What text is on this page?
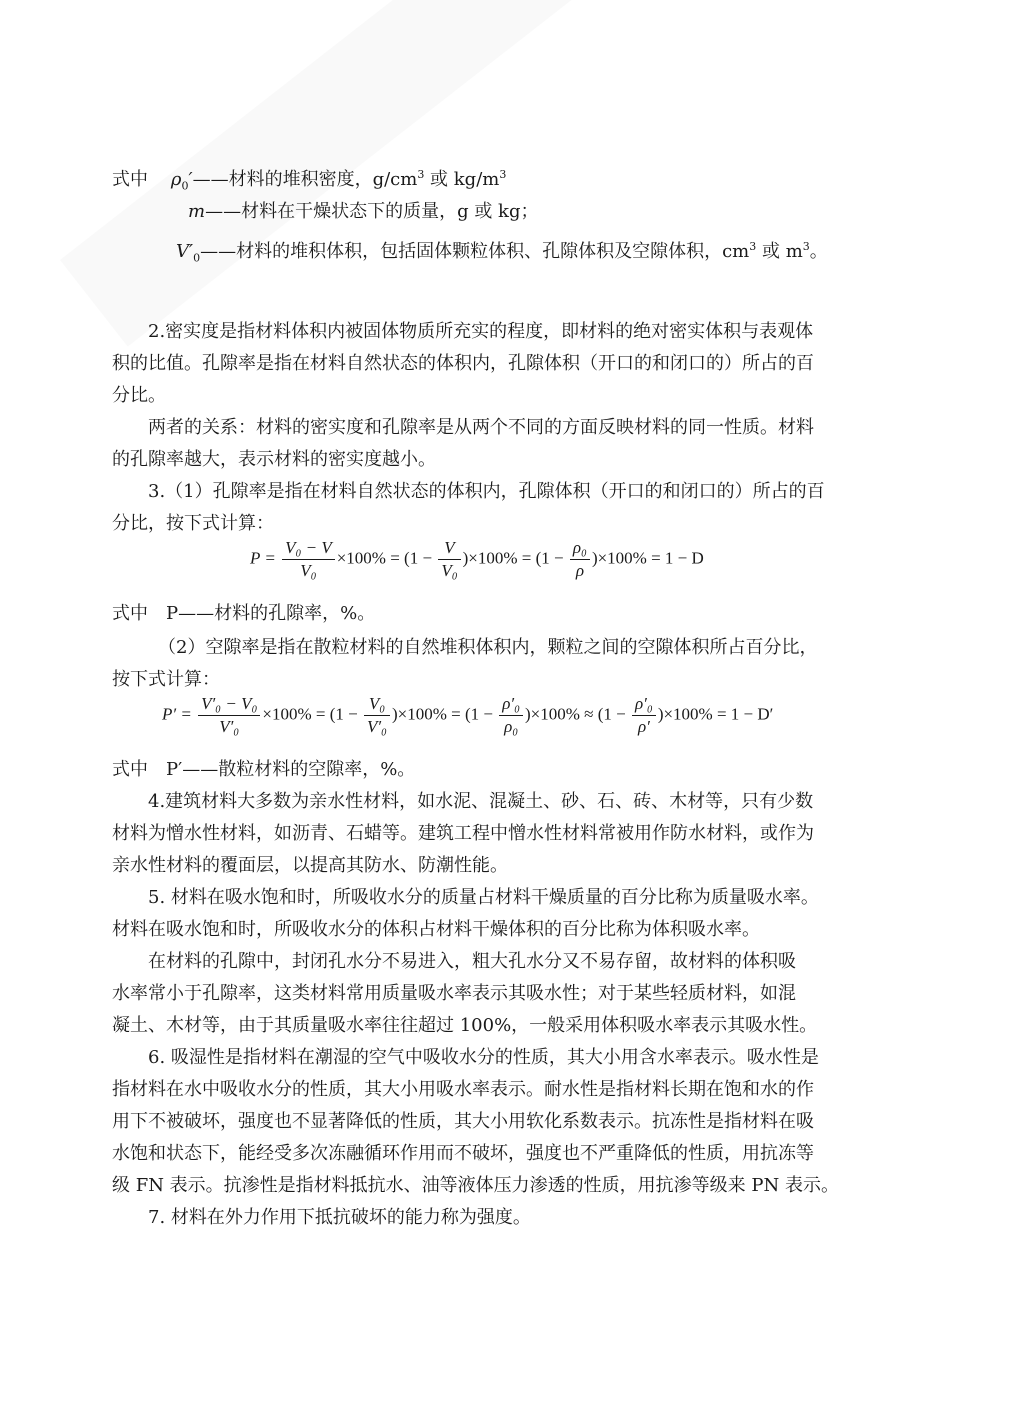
式中 $\rho_0'——$材料的堆积密度，$g/cm^3$ 或 $kg/m^3$
m——材料在干燥状态下的质量，g 或 kg；
$V'_0——$材料的堆积体积，包括固体颗粒体积、孔隙体积及空隙体积，$cm^3$ 或 $m^3$。
2.密实度是指材料体积内被固体物质所充实的程度，即材料的绝对密实体积与表观体
积的比值。孔隙率是指在材料自然状态的体积内，孔隙体积（开口的和闭口的）所占的百
分比。
两者的关系：材料的密实度和孔隙率是从两个不同的方面反映材料的同一性质。材料
的孔隙率越大，表示材料的密实度越小。
3.（1）孔隙率是指在材料自然状态的体积内，孔隙体积（开口的和闭口的）所占的百
分比，按下式计算：
$P = \frac{\text{V₀ − V}}{\text{V₀}} \times 100\% = (1 - \frac{V}{\text{V₀}} )\times 100\% = (1 - \frac{\text{ρ₀}}{\rho} )\times 100\% = 1 - D$
式中　P——材料的孔隙率，%。
（2）空隙率是指在散粒材料的自然堆积体积内，颗粒之间的空隙体积所占百分比，
按下式计算：
$P' = \frac{\text{V′₀ − V₀}}{\text{V′₀}} \times 100\% = (1 - \frac{\text{V₀}}{\text{V′₀}} )\times 100\% = (1 - \frac{\text{ρ′₀}}{\text{ρ₀}} )\times 100\% \approx (1 - \frac{\text{ρ′₀}}{\rho'} )\times 100\% = 1 - D'$
式中　P′——散粒材料的空隙率，%。
4.建筑材料大多数为亲水性材料，如水泥、混凝土、砂、石、砖、木材等，只有少数
材料为憎水性材料，如沥青、石蜡等。建筑工程中憎水性材料常被用作防水材料，或作为
亲水性材料的覆面层，以提高其防水、防潮性能。
5. 材料在吸水饱和时，所吸收水分的质量占材料干燥质量的百分比称为质量吸水率。
材料在吸水饱和时，所吸收水分的体积占材料干燥体积的百分比称为体积吸水率。
在材料的孔隙中，封闭孔水分不易进入，粗大孔水分又不易存留，故材料的体积吸
水率常小于孔隙率，这类材料常用质量吸水率表示其吸水性；对于某些轻质材料，如混
凝土、木材等，由于其质量吸水率往往超过 100%，一般采用体积吸水率表示其吸水性。
6. 吸湿性是指材料在潮湿的空气中吸收水分的性质，其大小用含水率表示。吸水性是
指材料在水中吸收水分的性质，其大小用吸水率表示。耐水性是指材料长期在饱和水的作
用下不被破坏，强度也不显著降低的性质，其大小用软化系数表示。抗冻性是指材料在吸
水饱和状态下，能经受多次冻融循环作用而不破坏，强度也不严重降低的性质，用抗冻等
级 FN 表示。抗渗性是指材料抵抗水、油等液体压力渗透的性质，用抗渗等级来 PN 表示。
7. 材料在外力作用下抵抗破坏的能力称为强度。
